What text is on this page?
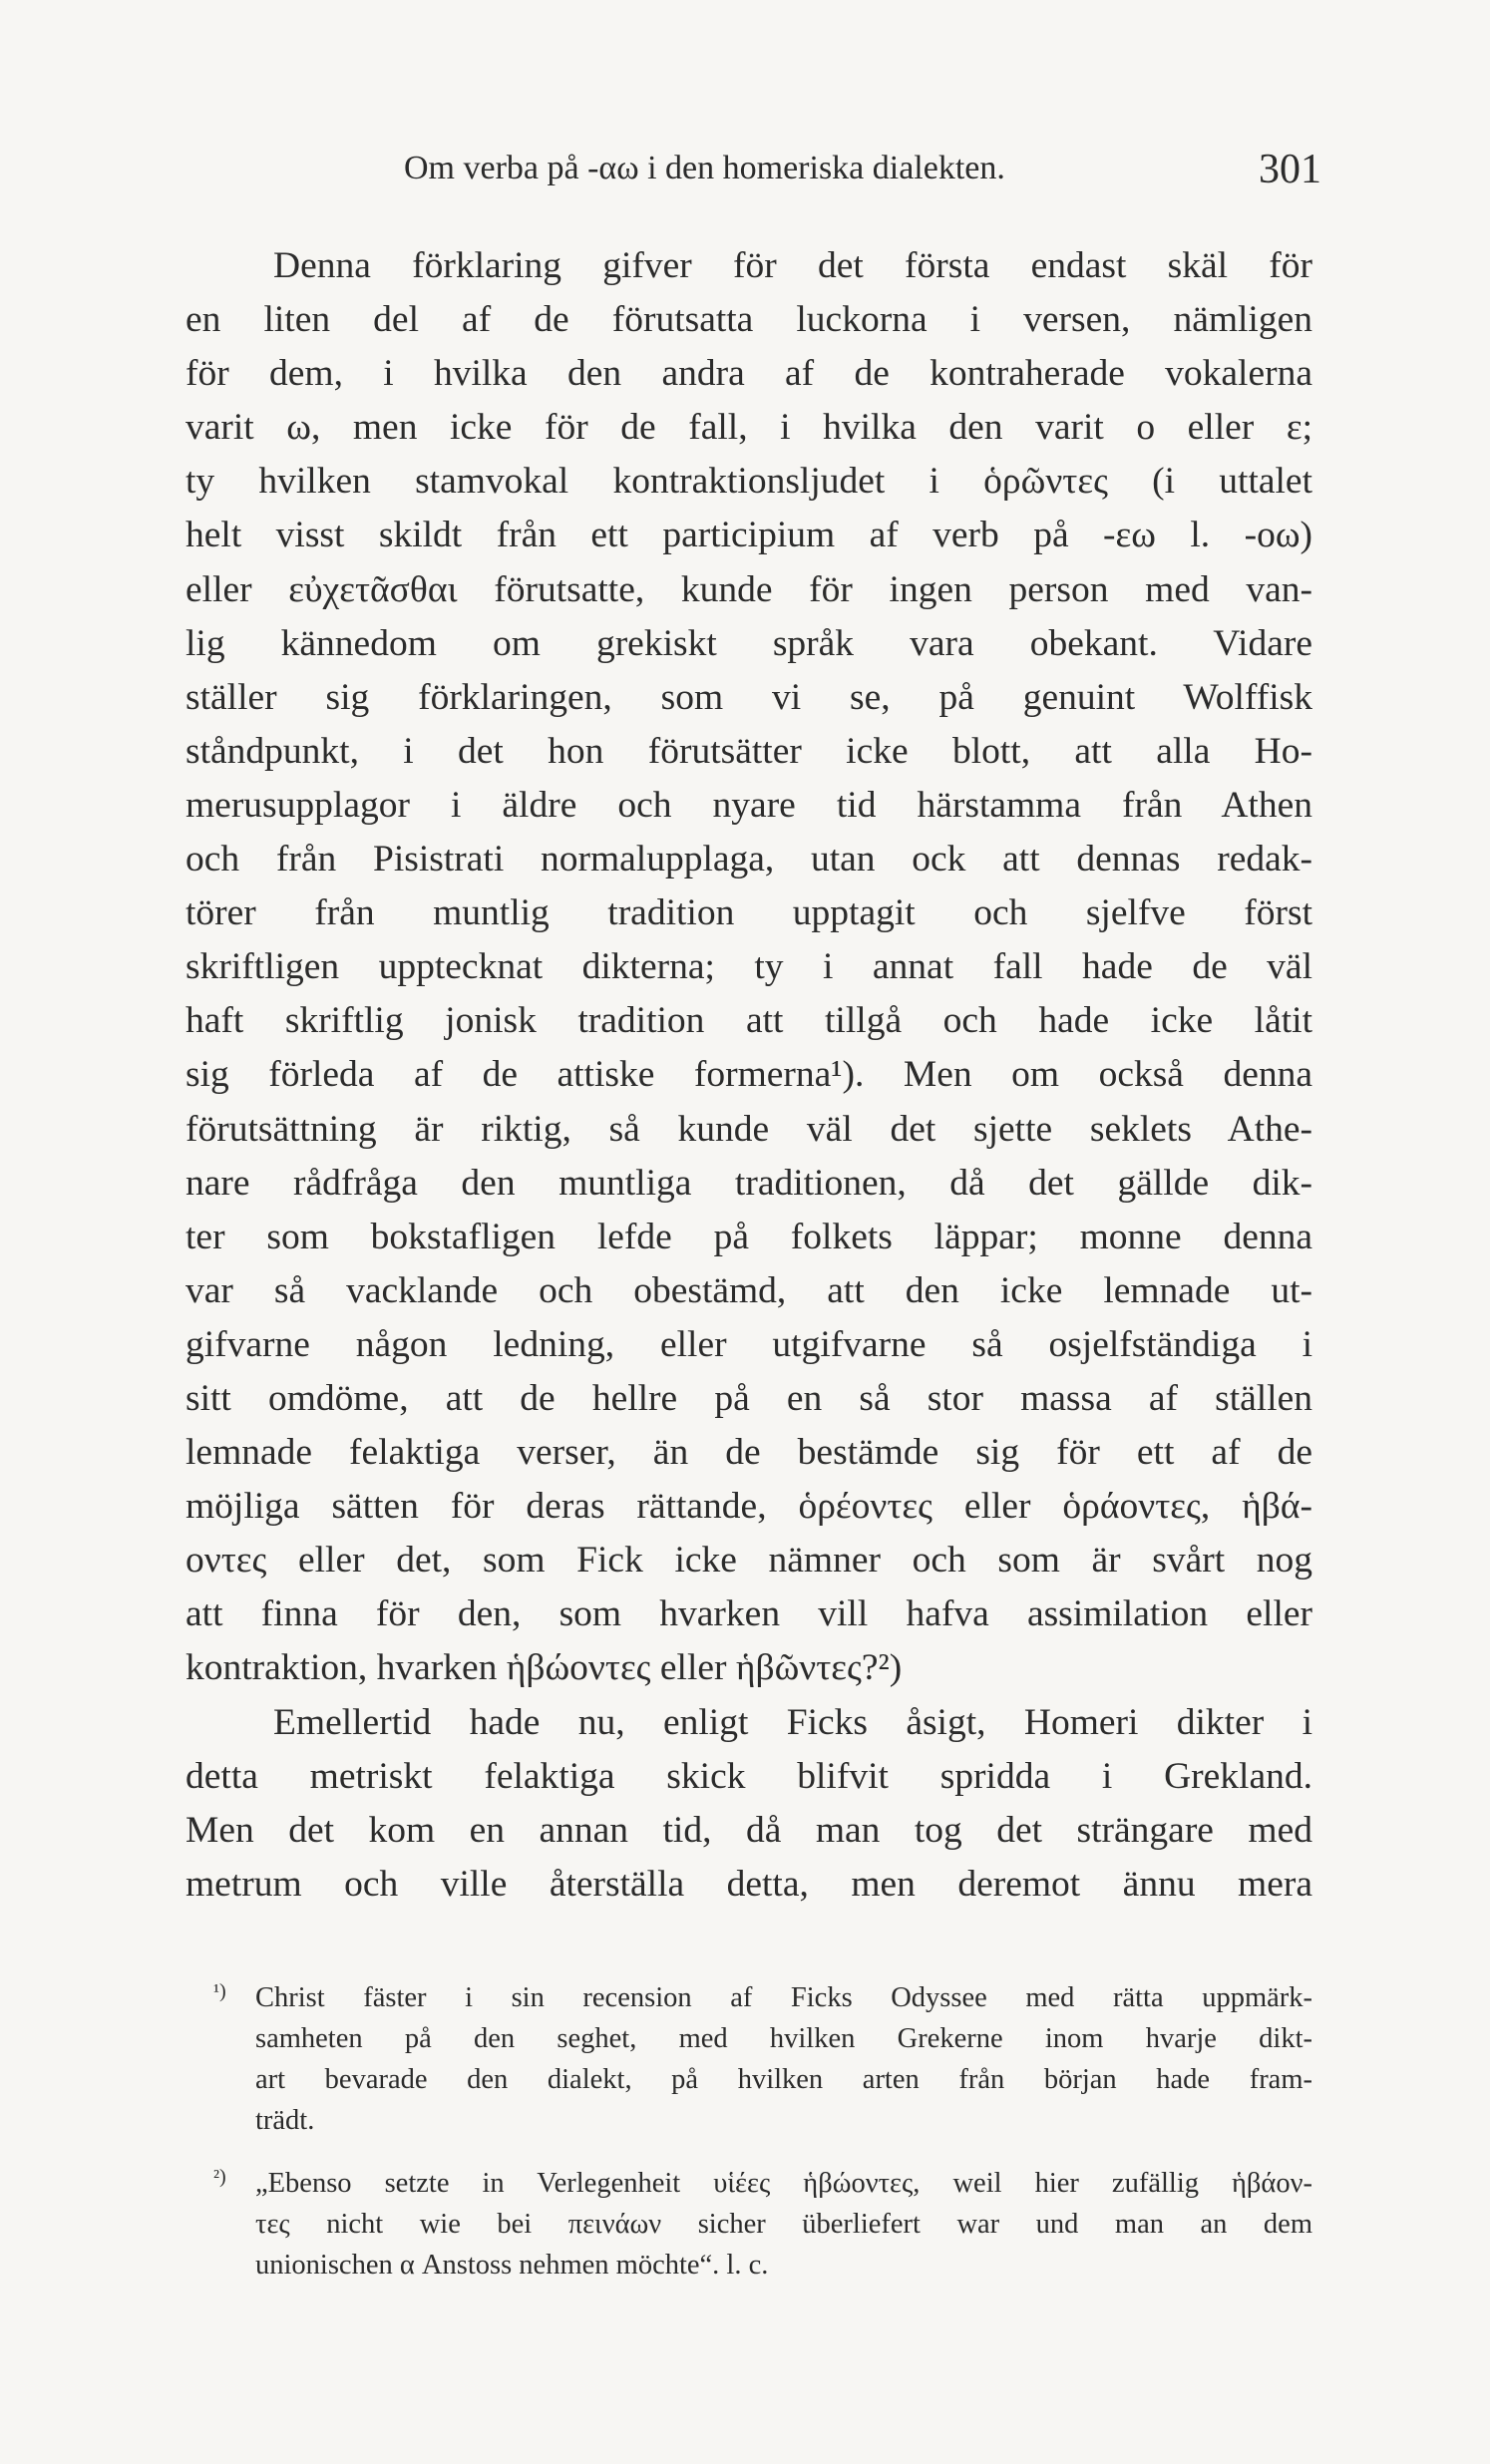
Om verba på -αω i den homeriska dialekten.	301
Denna förklaring gifver för det första endast skäl för
en liten del af de förutsatta luckorna i versen, nämligen
för dem, i hvilka den andra af de kontraherade vokalerna
varit ω, men icke för de fall, i hvilka den varit ο eller ε;
ty hvilken stamvokal kontraktionsljudet i ὁρῶντες (i uttalet
helt visst skildt från ett participium af verb på -εω l. -οω)
eller εὐχετᾶσθαι förutsatte, kunde för ingen person med van-
lig kännedom om grekiskt språk vara obekant. Vidare
ställer sig förklaringen, som vi se, på genuint Wolffisk
ståndpunkt, i det hon förutsätter icke blott, att alla Ho-
merusupplagor i äldre och nyare tid härstamma från Athen
och från Pisistrati normalupplaga, utan ock att dennas redak-
törer från muntlig tradition upptagit och sjelfve först
skriftligen upptecknat dikterna; ty i annat fall hade de väl
haft skriftlig jonisk tradition att tillgå och hade icke låtit
sig förleda af de attiske formerna¹). Men om också denna
förutsättning är riktig, så kunde väl det sjette seklets Athe-
nare rådfråga den muntliga traditionen, då det gällde dik-
ter som bokstafligen lefde på folkets läppar; monne denna
var så vacklande och obestämd, att den icke lemnade ut-
gifvarne någon ledning, eller utgifvarne så osjelfständiga i
sitt omdöme, att de hellre på en så stor massa af ställen
lemnade felaktiga verser, än de bestämde sig för ett af de
möjliga sätten för deras rättande, ὁρέοντες eller ὁράοντες, ἡβά-
οντες eller det, som Fick icke nämner och som är svårt nog
att finna för den, som hvarken vill hafva assimilation eller
kontraktion, hvarken ἡβώοντες eller ἡβῶντες?²)
Emellertid hade nu, enligt Ficks åsigt, Homeri dikter i
detta metriskt felaktiga skick blifvit spridda i Grekland.
Men det kom en annan tid, då man tog det strängare med
metrum och ville återställa detta, men deremot ännu mera
¹) Christ fäster i sin recension af Ficks Odyssee med rätta uppmärk-
samheten på den seghet, med hvilken Grekerne inom hvarje dikt-
art bevarade den dialekt, på hvilken arten från början hade fram-
trädt.
²) „Ebenso setzte in Verlegenheit υἱέες ἡβώοντες, weil hier zufällig ἡβάον-
τες nicht wie bei πεινάων sicher überliefert war und man an dem
unionischen α Anstoss nehmen möchte“. l. c.
